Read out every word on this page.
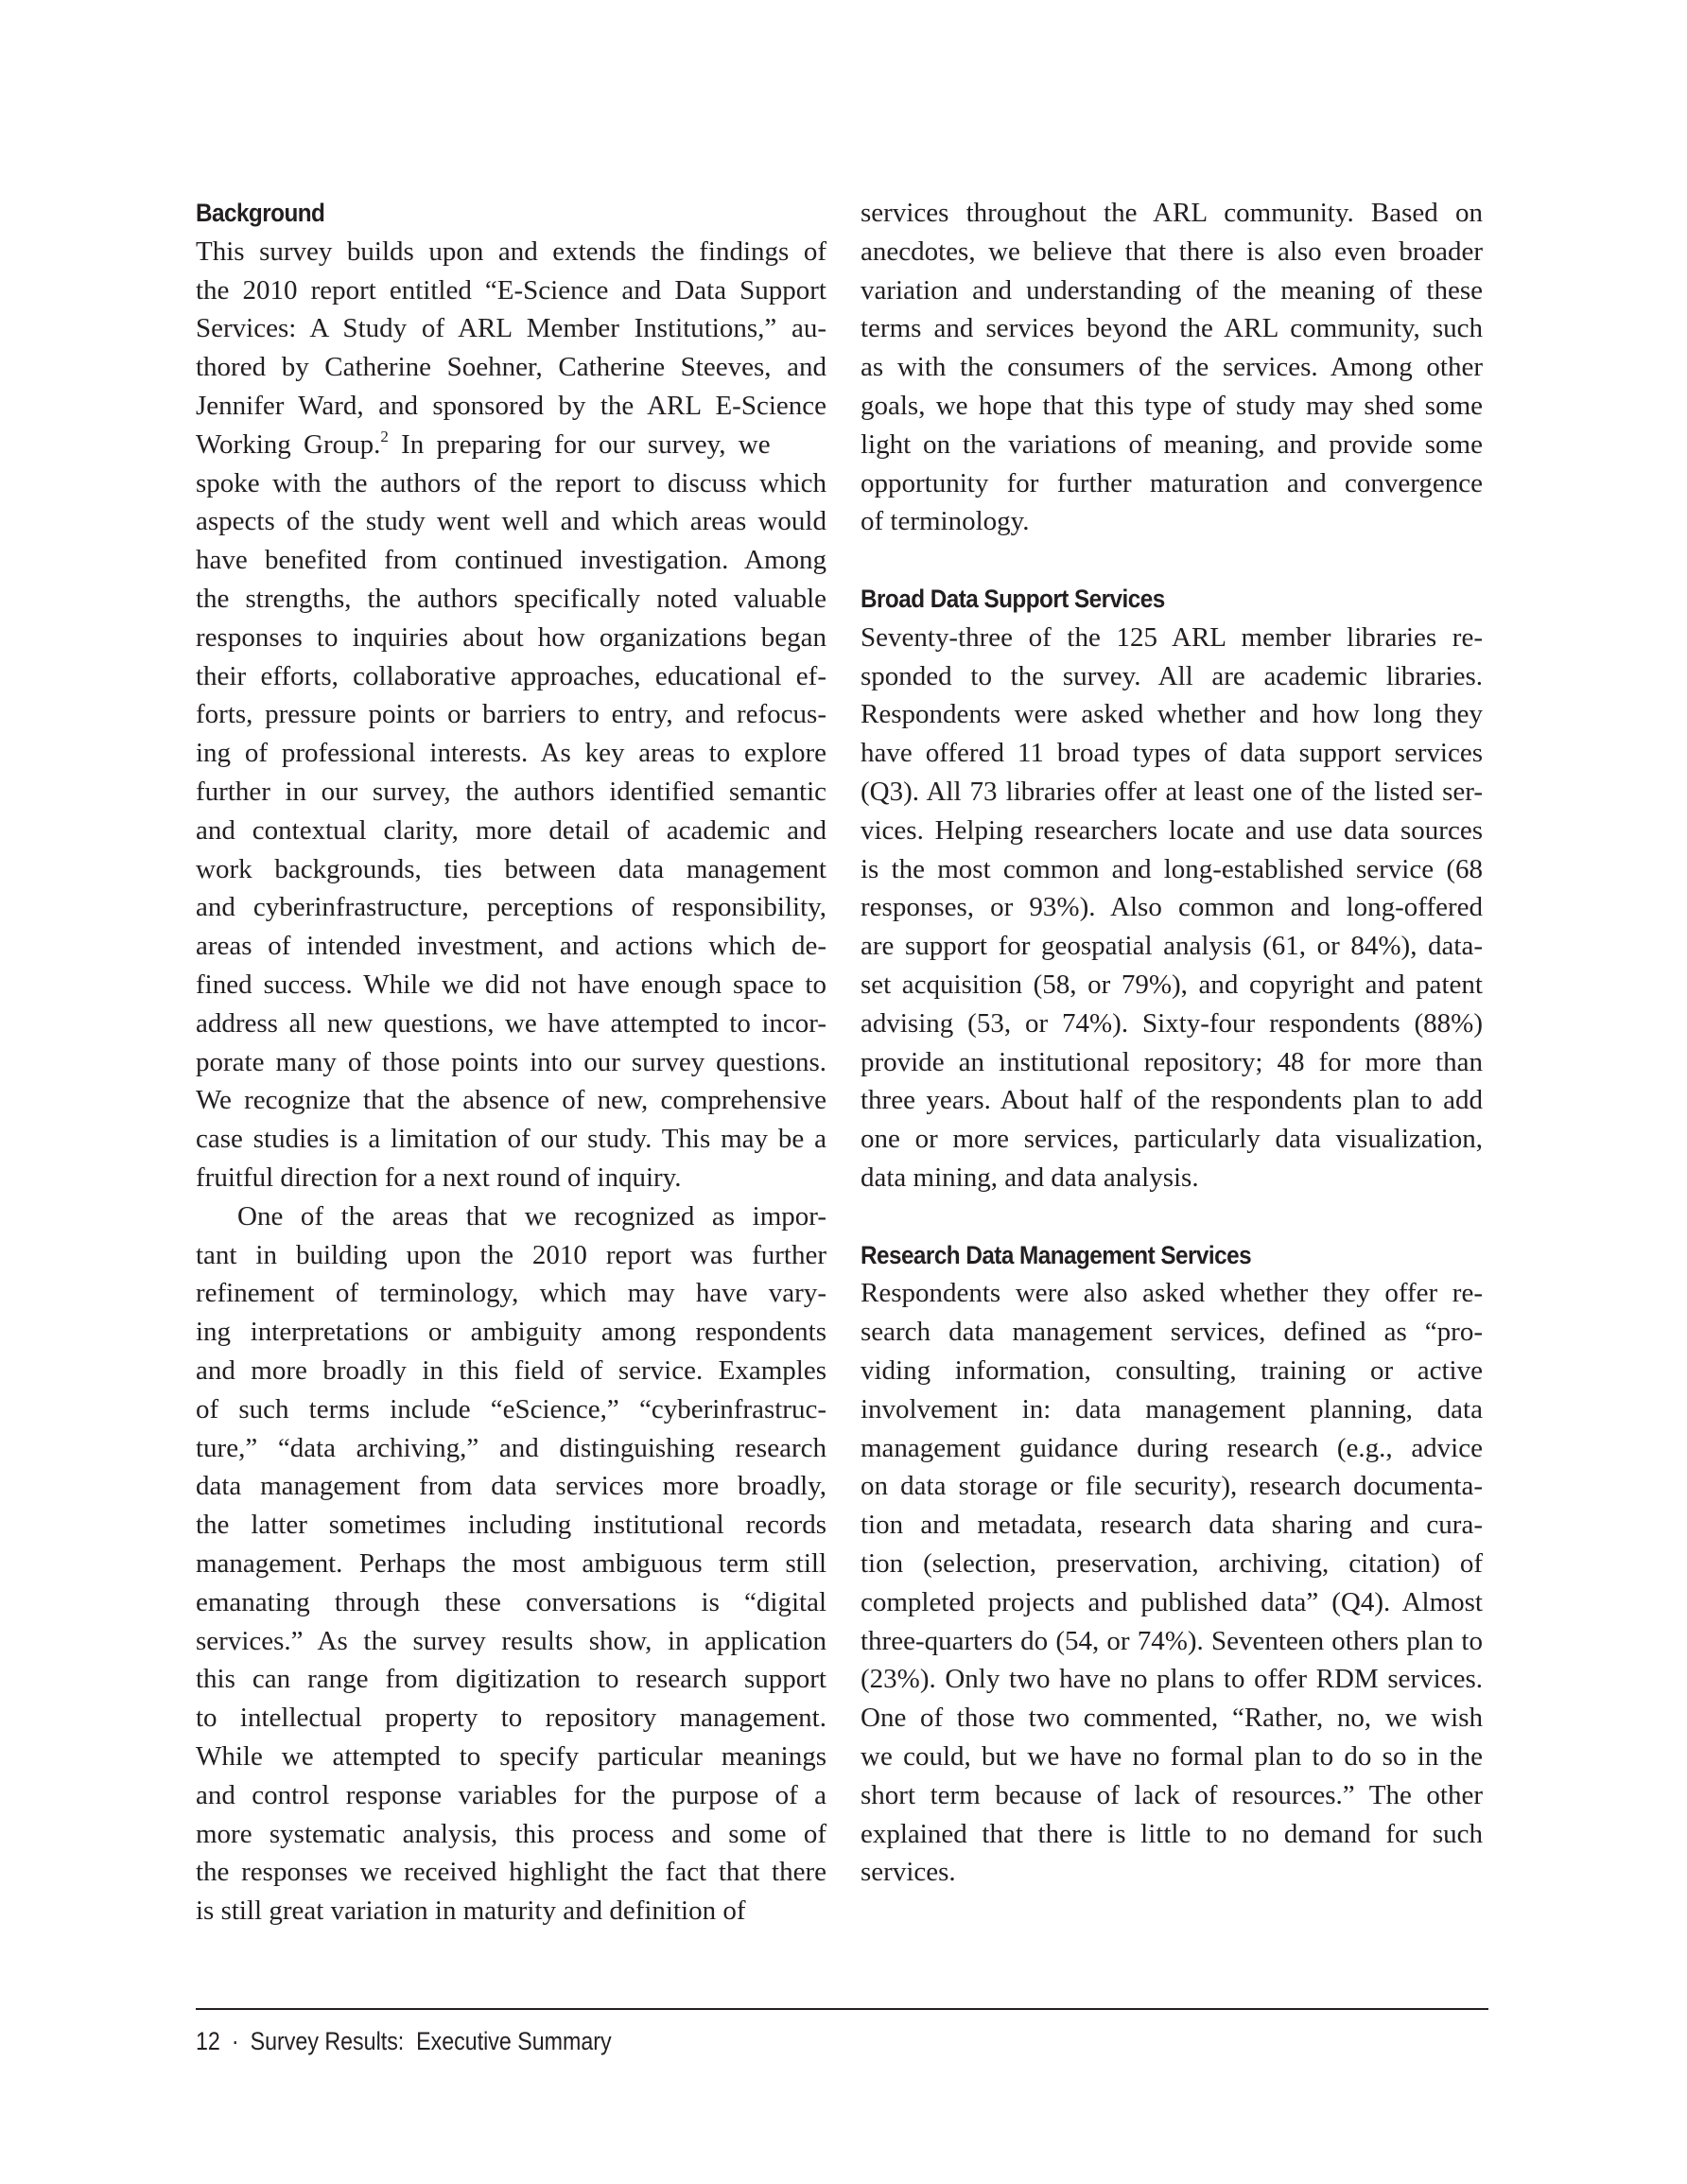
Background
This survey builds upon and extends the findings of
the 2010 report entitled “E-Science and Data Support
Services: A Study of ARL Member Institutions,” au-
thored by Catherine Soehner, Catherine Steeves, and
Jennifer Ward, and sponsored by the ARL E-Science
Working Group.$^2$ In preparing for our survey, we
spoke with the authors of the report to discuss which
aspects of the study went well and which areas would
have benefited from continued investigation. Among
the strengths, the authors specifically noted valuable
responses to inquiries about how organizations began
their efforts, collaborative approaches, educational ef-
forts, pressure points or barriers to entry, and refocus-
ing of professional interests. As key areas to explore
further in our survey, the authors identified semantic
and contextual clarity, more detail of academic and
work backgrounds, ties between data management
and cyberinfrastructure, perceptions of responsibility,
areas of intended investment, and actions which de-
fined success. While we did not have enough space to
address all new questions, we have attempted to incor-
porate many of those points into our survey questions.
We recognize that the absence of new, comprehensive
case studies is a limitation of our study. This may be a
fruitful direction for a next round of inquiry.
One of the areas that we recognized as impor-
tant in building upon the 2010 report was further
refinement of terminology, which may have vary-
ing interpretations or ambiguity among respondents
and more broadly in this field of service. Examples
of such terms include “eScience,” “cyberinfrastruc-
ture,” “data archiving,” and distinguishing research
data management from data services more broadly,
the latter sometimes including institutional records
management. Perhaps the most ambiguous term still
emanating through these conversations is “digital
services.” As the survey results show, in application
this can range from digitization to research support
to intellectual property to repository management.
While we attempted to specify particular meanings
and control response variables for the purpose of a
more systematic analysis, this process and some of
the responses we received highlight the fact that there
is still great variation in maturity and definition of
services throughout the ARL community. Based on
anecdotes, we believe that there is also even broader
variation and understanding of the meaning of these
terms and services beyond the ARL community, such
as with the consumers of the services. Among other
goals, we hope that this type of study may shed some
light on the variations of meaning, and provide some
opportunity for further maturation and convergence
of terminology.
Broad Data Support Services
Seventy-three of the 125 ARL member libraries re-
sponded to the survey. All are academic libraries.
Respondents were asked whether and how long they
have offered 11 broad types of data support services
(Q3). All 73 libraries offer at least one of the listed ser-
vices. Helping researchers locate and use data sources
is the most common and long-established service (68
responses, or 93%). Also common and long-offered
are support for geospatial analysis (61, or 84%), data-
set acquisition (58, or 79%), and copyright and patent
advising (53, or 74%). Sixty-four respondents (88%)
provide an institutional repository; 48 for more than
three years. About half of the respondents plan to add
one or more services, particularly data visualization,
data mining, and data analysis.
Research Data Management Services
Respondents were also asked whether they offer re-
search data management services, defined as “pro-
viding information, consulting, training or active
involvement in: data management planning, data
management guidance during research (e.g., advice
on data storage or file security), research documenta-
tion and metadata, research data sharing and cura-
tion (selection, preservation, archiving, citation) of
completed projects and published data” (Q4). Almost
three-quarters do (54, or 74%). Seventeen others plan to
(23%). Only two have no plans to offer RDM services.
One of those two commented, “Rather, no, we wish
we could, but we have no formal plan to do so in the
short term because of lack of resources.” The other
explained that there is little to no demand for such
services.
12 · Survey Results:  Executive Summary
